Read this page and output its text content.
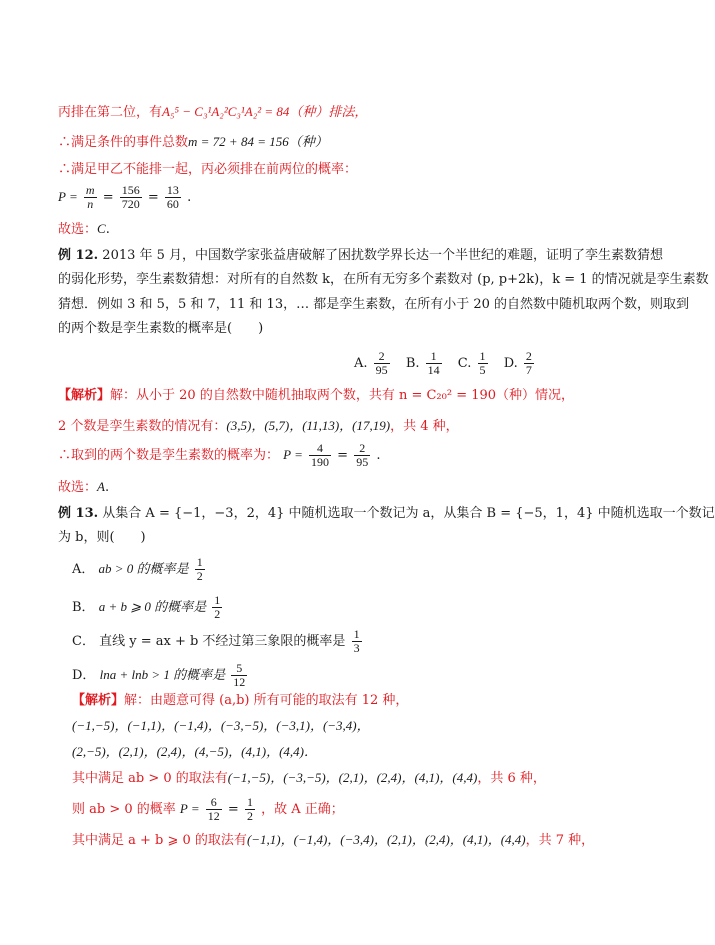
丙排在第二位，有A₅⁵ − C₃¹A₂²C₃¹A₂² = 84（种）排法，
∴满足条件的事件总数m = 72 + 84 = 156（种）
∴满足甲乙不能排一起，丙必须排在前两位的概率：
$P = \frac{m}{n} = \frac{156}{720} = \frac{13}{60}$ .
故选：C.
例 12. 2013 年 5 月，中国数学家张益唐破解了困扰数学界长达一个半世纪的难题，证明了孪生素数猜想
的弱化形势，孪生素数猜想：对所有的自然数 k，在所有无穷多个素数对 (p, p+2k)，k = 1 的情况就是孪生素数
猜想．例如 3 和 5，5 和 7，11 和 13，… 都是孪生素数，在所有小于 20 的自然数中随机取两个数，则取到
的两个数是孪生素数的概率是(　　)
A. $\frac{2}{95} B$. $\frac{1}{14} C$. $\frac{1}{5} D$. $\frac{2}{7}$
【解析】解：从小于 20 的自然数中随机抽取两个数，共有 n = C₂₀² = 190（种）情况，
2 个数是孪生素数的情况有：(3,5)，(5,7)，(11,13)，(17,19)，共 4 种，
∴取到的两个数是孪生素数的概率为： $P = \frac{4}{190} = \frac{2}{95}$ .
故选：A.
例 13. 从集合 A = {−1，−3，2，4} 中随机选取一个数记为 a，从集合 B = {−5，1，4} 中随机选取一个数记
为 b，则(　　)
A． ab > 0 的概率是 $\frac{1}{2}$
B． a + b ⩾ 0 的概率是 $\frac{1}{2}$
C． 直线 y = ax + b 不经过第三象限的概率是 $\frac{1}{3}$
D． lna + lnb > 1 的概率是 $\frac{5}{12}$
【解析】解：由题意可得 (a,b) 所有可能的取法有 12 种，
(−1,−5)，(−1,1)，(−1,4)，(−3,−5)，(−3,1)，(−3,4)，
(2,−5)，(2,1)，(2,4)，(4,−5)，(4,1)，(4,4)．
其中满足 ab > 0 的取法有(−1,−5)，(−3,−5)，(2,1)，(2,4)，(4,1)，(4,4)，共 6 种，
则 ab > 0 的概率 $P = \frac{6}{12} = \frac{1}{2}$ ，故 A 正确；
其中满足 a + b ⩾ 0 的取法有(−1,1)，(−1,4)，(−3,4)，(2,1)，(2,4)，(4,1)，(4,4)，共 7 种，
